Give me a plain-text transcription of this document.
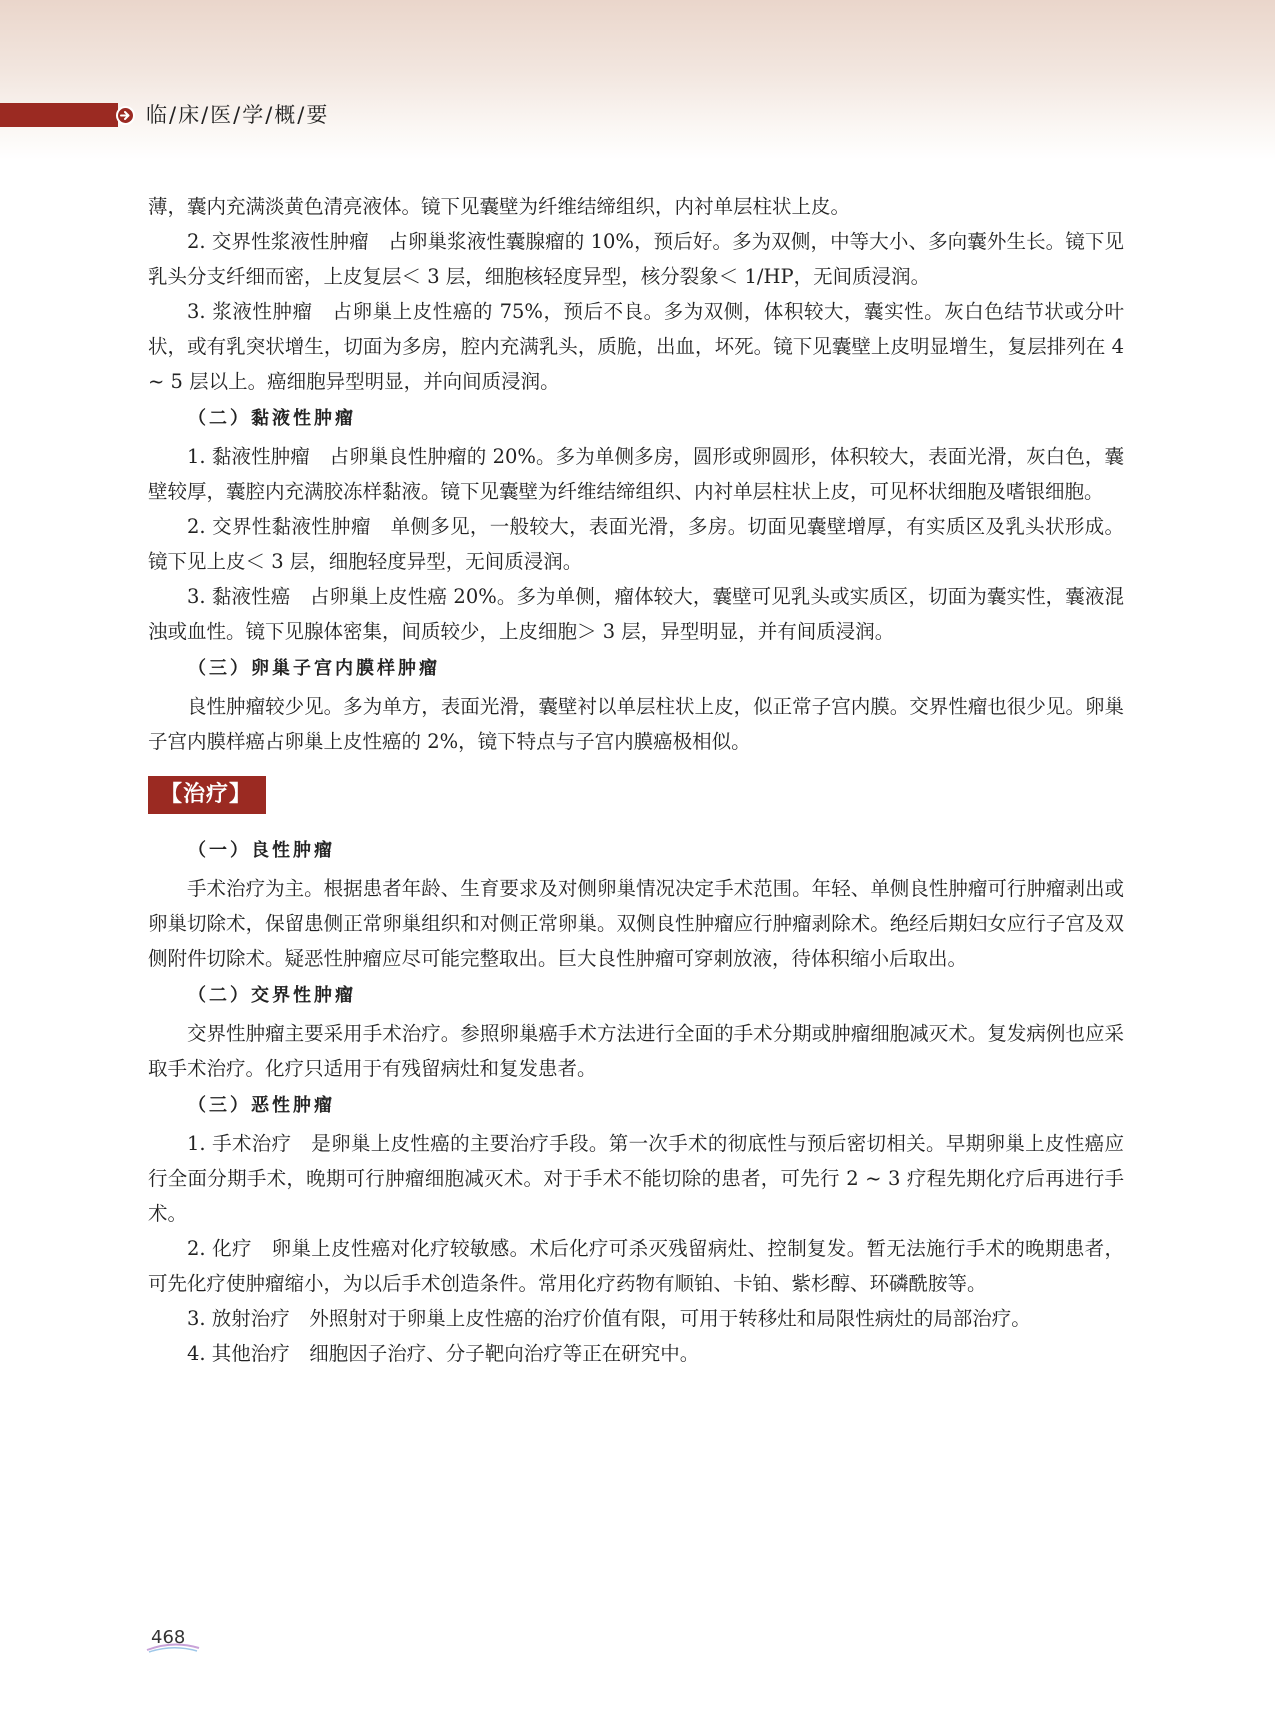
临/床/医/学/概/要

薄，囊内充满淡黄色清亮液体。镜下见囊壁为纤维结缔组织，内衬单层柱状上皮。

2. 交界性浆液性肿瘤　占卵巢浆液性囊腺瘤的 10%，预后好。多为双侧，中等大小、多向囊外生长。镜下见乳头分支纤细而密，上皮复层＜ 3 层，细胞核轻度异型，核分裂象＜ 1/HP，无间质浸润。

3. 浆液性肿瘤　占卵巢上皮性癌的 75%，预后不良。多为双侧，体积较大，囊实性。灰白色结节状或分叶状，或有乳突状增生，切面为多房，腔内充满乳头，质脆，出血，坏死。镜下见囊壁上皮明显增生，复层排列在 4 ~ 5 层以上。癌细胞异型明显，并向间质浸润。

（二）黏液性肿瘤

1. 黏液性肿瘤　占卵巢良性肿瘤的 20%。多为单侧多房，圆形或卵圆形，体积较大，表面光滑，灰白色，囊壁较厚，囊腔内充满胶冻样黏液。镜下见囊壁为纤维结缔组织、内衬单层柱状上皮，可见杯状细胞及嗜银细胞。

2. 交界性黏液性肿瘤　单侧多见，一般较大，表面光滑，多房。切面见囊壁增厚，有实质区及乳头状形成。镜下见上皮＜ 3 层，细胞轻度异型，无间质浸润。

3. 黏液性癌　占卵巢上皮性癌 20%。多为单侧，瘤体较大，囊壁可见乳头或实质区，切面为囊实性，囊液混浊或血性。镜下见腺体密集，间质较少，上皮细胞＞ 3 层，异型明显，并有间质浸润。

（三）卵巢子宫内膜样肿瘤

良性肿瘤较少见。多为单方，表面光滑，囊壁衬以单层柱状上皮，似正常子宫内膜。交界性瘤也很少见。卵巢子宫内膜样癌占卵巢上皮性癌的 2%，镜下特点与子宫内膜癌极相似。

【治疗】
（一）良性肿瘤

手术治疗为主。根据患者年龄、生育要求及对侧卵巢情况决定手术范围。年轻、单侧良性肿瘤可行肿瘤剥出或卵巢切除术，保留患侧正常卵巢组织和对侧正常卵巢。双侧良性肿瘤应行肿瘤剥除术。绝经后期妇女应行子宫及双侧附件切除术。疑恶性肿瘤应尽可能完整取出。巨大良性肿瘤可穿刺放液，待体积缩小后取出。

（二）交界性肿瘤

交界性肿瘤主要采用手术治疗。参照卵巢癌手术方法进行全面的手术分期或肿瘤细胞减灭术。复发病例也应采取手术治疗。化疗只适用于有残留病灶和复发患者。

（三）恶性肿瘤

1. 手术治疗　是卵巢上皮性癌的主要治疗手段。第一次手术的彻底性与预后密切相关。早期卵巢上皮性癌应行全面分期手术，晚期可行肿瘤细胞减灭术。对于手术不能切除的患者，可先行 2 ~ 3 疗程先期化疗后再进行手术。

2. 化疗　卵巢上皮性癌对化疗较敏感。术后化疗可杀灭残留病灶、控制复发。暂无法施行手术的晚期患者，可先化疗使肿瘤缩小，为以后手术创造条件。常用化疗药物有顺铂、卡铂、紫杉醇、环磷酰胺等。

3. 放射治疗　外照射对于卵巢上皮性癌的治疗价值有限，可用于转移灶和局限性病灶的局部治疗。

4. 其他治疗　细胞因子治疗、分子靶向治疗等正在研究中。

468
